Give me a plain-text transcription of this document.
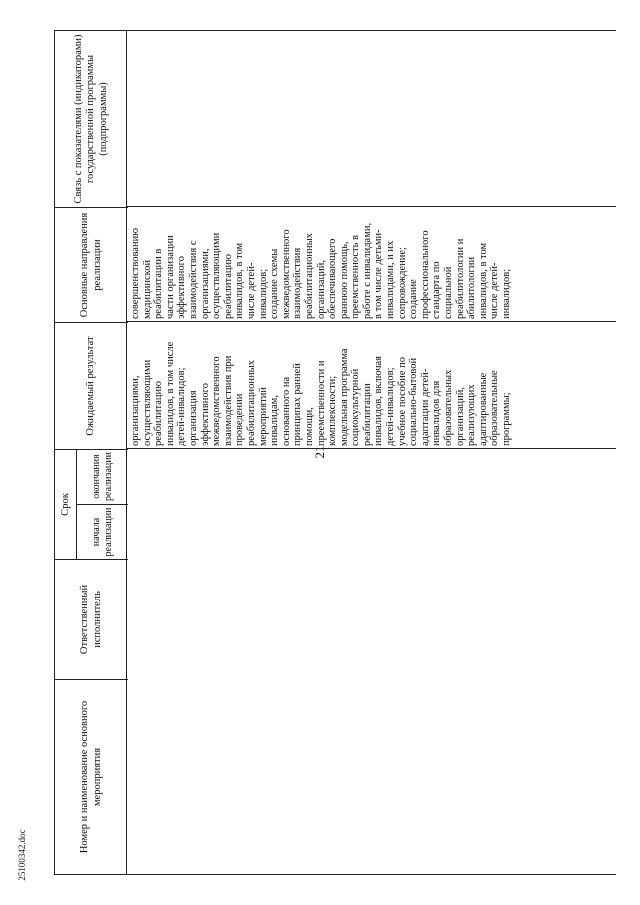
21
25100342.doc
Номер и наименование основного мероприятия
Ответственный исполнитель
Срок
начала реализации
окончания реализации
Ожидаемый результат
Основные направления реализации
Связь с показателями (индикаторами) государственной программы (подпрограммы)
организациями, осуществляющими реабилитацию инвалидов, в том числе детей-инвалидов; организация эффективного межведомственного взаимодействия при проведении реабилитационных мероприятий инвалидам, основанного на принципах ранней помощи, преемственности и комплексности; модельная программа социокультурной реабилитации инвалидов, включая детей-инвалидов; учебное пособие по социально-бытовой адаптации детей- инвалидов для образовательных организаций, реализующих адаптированные образовательные программы;
совершенствованию медицинской реабилитации в части организации эффективного взаимодействия с организациями, осуществляющими реабилитацию инвалидов, в том числе детей- инвалидов; создание схемы межведомственного взаимодействия реабилитационных организаций, обеспечивающего раннюю помощь, преемственность в работе с инвалидами, в том числе детьми- инвалидами, и их сопровождение; создание профессионального стандарта по социальной реабилитологии и абилитологии инвалидов, в том числе детей- инвалидов;
